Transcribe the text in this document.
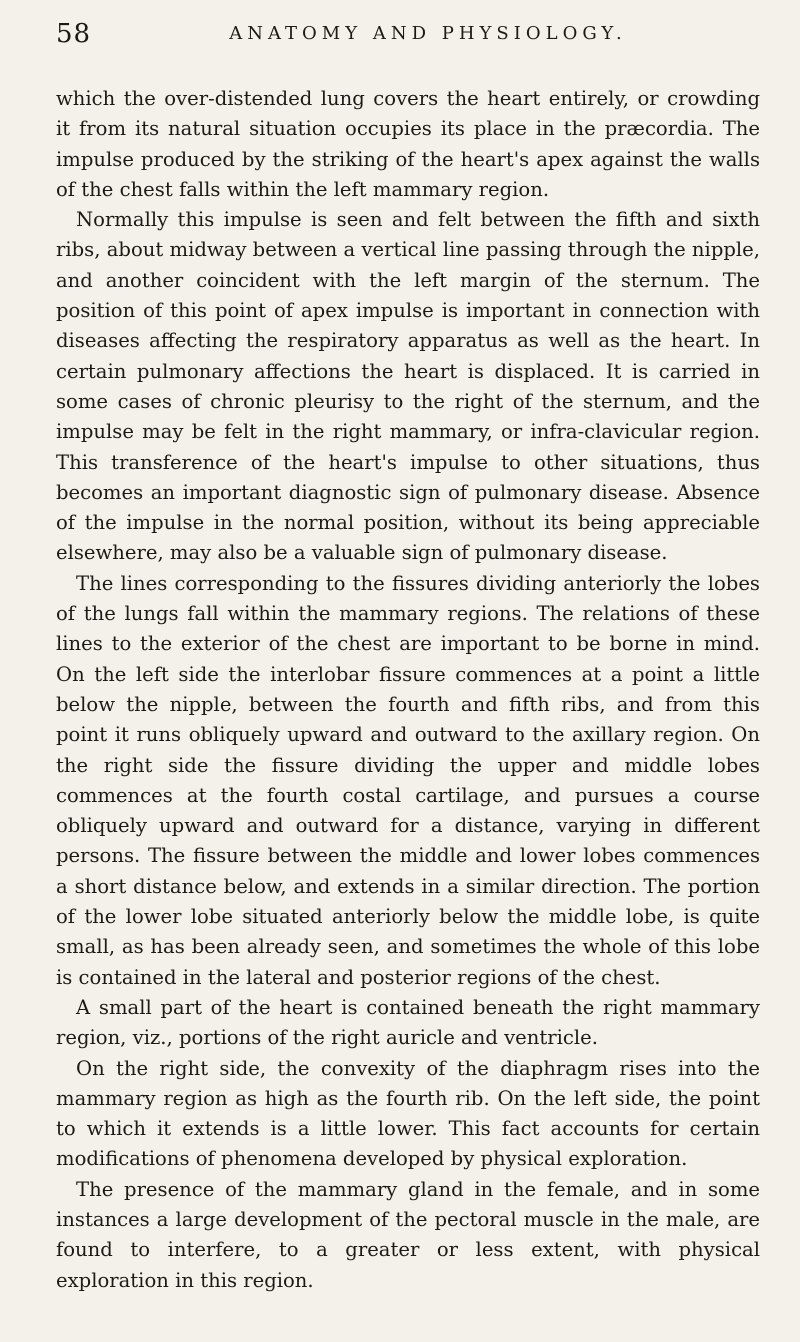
58	ANATOMY AND PHYSIOLOGY.

which the over-distended lung covers the heart entirely, or crowding it from its natural situation occupies its place in the præcordia. The impulse produced by the striking of the heart's apex against the walls of the chest falls within the left mammary region.

Normally this impulse is seen and felt between the fifth and sixth ribs, about midway between a vertical line passing through the nipple, and another coincident with the left margin of the sternum. The position of this point of apex impulse is important in connection with diseases affecting the respiratory apparatus as well as the heart. In certain pulmonary affections the heart is displaced. It is carried in some cases of chronic pleurisy to the right of the sternum, and the impulse may be felt in the right mammary, or infra-clavicular region. This transference of the heart's impulse to other situations, thus becomes an important diagnostic sign of pulmonary disease. Absence of the impulse in the normal position, without its being appreciable elsewhere, may also be a valuable sign of pulmonary disease.

The lines corresponding to the fissures dividing anteriorly the lobes of the lungs fall within the mammary regions. The relations of these lines to the exterior of the chest are important to be borne in mind. On the left side the interlobar fissure commences at a point a little below the nipple, between the fourth and fifth ribs, and from this point it runs obliquely upward and outward to the axillary region. On the right side the fissure dividing the upper and middle lobes commences at the fourth costal cartilage, and pursues a course obliquely upward and outward for a distance, varying in different persons. The fissure between the middle and lower lobes commences a short distance below, and extends in a similar direction. The portion of the lower lobe situated anteriorly below the middle lobe, is quite small, as has been already seen, and sometimes the whole of this lobe is contained in the lateral and posterior regions of the chest.

A small part of the heart is contained beneath the right mammary region, viz., portions of the right auricle and ventricle.

On the right side, the convexity of the diaphragm rises into the mammary region as high as the fourth rib. On the left side, the point to which it extends is a little lower. This fact accounts for certain modifications of phenomena developed by physical exploration.

The presence of the mammary gland in the female, and in some instances a large development of the pectoral muscle in the male, are found to interfere, to a greater or less extent, with physical exploration in this region.
